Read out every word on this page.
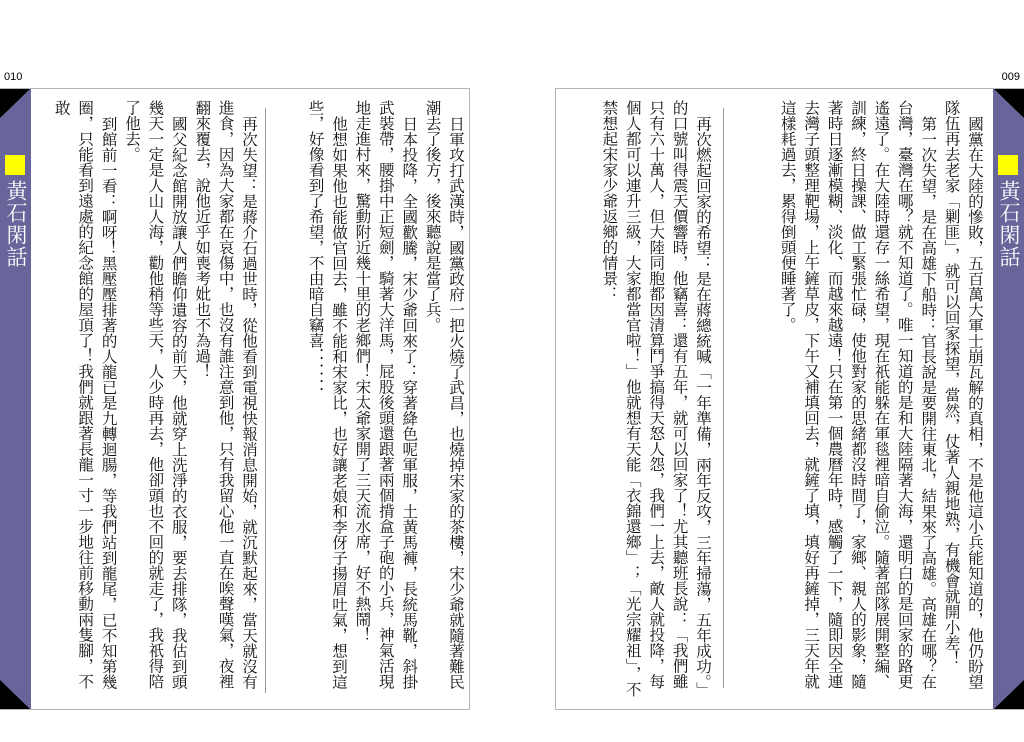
010
黃石閑話	日軍攻打武漢時，國黨政府一把火燒了武昌，也燒掉宋家的茶樓，宋少爺就隨著難民潮去了後方，後來聽說是當了兵。

日本投降，全國歡騰，宋少爺回來了：穿著絳色呢軍服，土黃馬褲，長統馬靴，斜掛武裝帶，腰掛中正短劍，騎著大洋馬，屁股後頭還跟著兩個揹盒子砲的小兵，神氣活現地走進村來，驚動附近幾十里的老鄉們！宋太爺家開了三天流水席，好不熱鬧！

他想如果他也能做官回去，雖不能和宋家比，也好讓老娘和李伢子揚眉吐氣，想到這些，好像看到了希望，不由暗自竊喜．．．．．．

再次失望：是蔣介石過世時，從他看到電視快報消息開始，就沉默起來，當天就沒有進食，因為大家都在哀傷中，也沒有誰注意到他，只有我留心他一直在唉聲嘆氣，夜裡翻來覆去，說他近乎如喪考妣也不為過！

國父紀念館開放讓人們瞻仰遺容的前天，他就穿上洗淨的衣服，要去排隊，我估到頭幾天一定是人山人海，勸他稍等些天，人少時再去，他卻頭也不回的就走了，我祇得陪了他去。

到館前一看：啊呀！黑壓壓排著的人龍已是九轉迴腸，等我們站到龍尾，已不知第幾圈，只能看到遠處的紀念館的屋頂了！我們就跟著長龍一寸一步地往前移動兩隻腳，不敢

009
黃石閑話

國黨在大陸的慘敗，五百萬大軍士崩瓦解的真相，不是他這小兵能知道的，他仍盼望隊伍再去老家「剿匪」，就可以回家探望，當然，仗著人親地熟，有機會就開小差！

第一次失望，是在高雄下船時：官長說是要開往東北，結果來了高雄。高雄在哪？在台灣，臺灣在哪？就不知道了。唯一知道的是和大陸隔著大海，還明白的是回家的路更遙遠了。在大陸時還存一絲希望，現在祇能躲在軍毯裡暗自偷泣。隨著部隊展開整編、訓練，終日操課、做工緊張忙碌，使他對家的思緒都沒時間了，家鄉、親人的影象，隨著時日逐漸模糊、淡化、而越來越遠！只在第一個農曆年時，感觸了一下，隨即因全連去灣子頭整理靶場，上午鏟草皮，下午又補填回去，就鏟了填，填好再鏟掉，三天年就這樣耗過去，累得倒頭便睡著了。

再次燃起回家的希望：是在蔣總統喊「一年準備，兩年反攻，三年掃蕩，五年成功。」的口號叫得震天價響時，他竊喜：還有五年，就可以回家了！尤其聽班長說：「我們雖只有六十萬人，但大陸同胞都因清算鬥爭搞得天怒人怨，我們一上去，敵人就投降，每個人都可以連升三級，大家都當官啦！」他就想有天能「衣錦還鄉」；「光宗耀祖」，不禁想起宋家少爺返鄉的情景：
